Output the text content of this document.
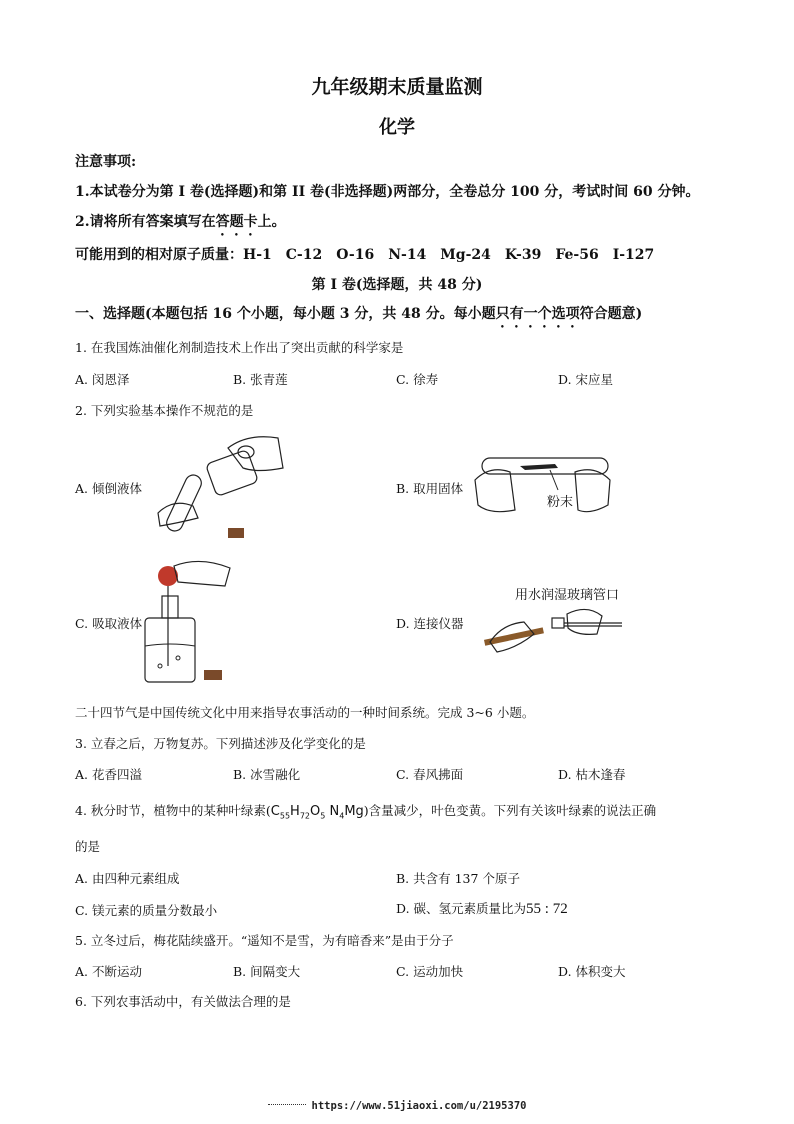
九年级期末质量监测
化学
注意事项:
1.本试卷分为第 I 卷(选择题)和第 II 卷(非选择题)两部分，全卷总分 100 分，考试时间 60 分钟。
2.请将所有答案填写在答题卡上。
可能用到的相对原子质量：H-1　C-12　O-16　N-14　Mg-24　K-39　Fe-56　I-127
第 I 卷(选择题，共 48 分)
一、选择题(本题包括 16 个小题，每小题 3 分，共 48 分。每小题只有一个选项符合题意)
1. 在我国炼油催化剂制造技术上作出了突出贡献的科学家是
A. 闵恩泽	B. 张青莲	C. 徐寿	D. 宋应星
2. 下列实验基本操作不规范的是
A. 倾倒液体	B. 取用固体
粉末
C. 吸取液体	D. 连接仪器
用水润湿玻璃管口
二十四节气是中国传统文化中用来指导农事活动的一种时间系统。完成 3~6 小题。
3. 立春之后，万物复苏。下列描述涉及化学变化的是
A. 花香四溢	B. 冰雪融化	C. 春风拂面	D. 枯木逢春
4. 秋分时节，植物中的某种叶绿素($C_{55}H_{72}O_5$ $N_4Mg$)含量减少，叶色变黄。下列有关该叶绿素的说法正确
的是
A. 由四种元素组成	B. 共含有 137 个原子
C. 镁元素的质量分数最小	D. 碳、氢元素质量比为55 : 72
5. 立冬过后，梅花陆续盛开。“遥知不是雪，为有暗香来”是由于分子
A. 不断运动	B. 间隔变大	C. 运动加快	D. 体积变大
6. 下列农事活动中，有关做法合理的是
https://www.51jiaoxi.com/u/2195370
